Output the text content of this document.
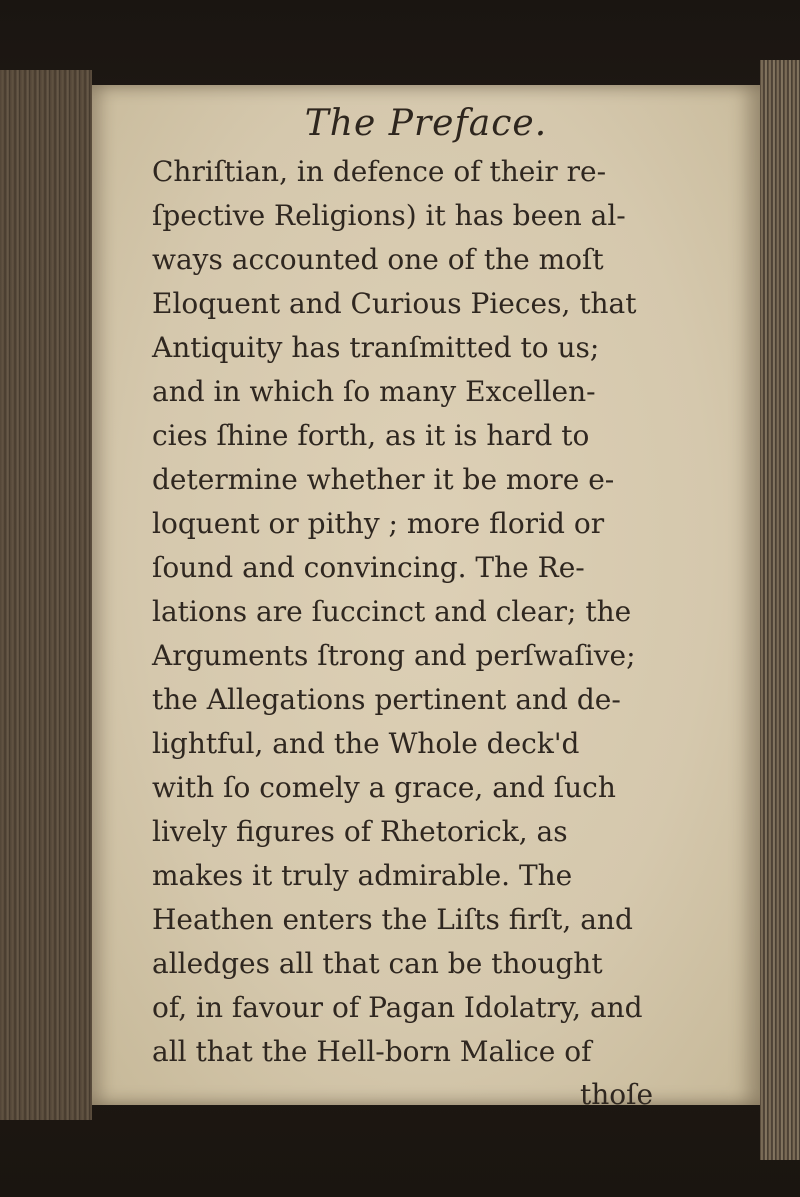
The Preface.
Chriſtian, in defence of their re-
ſpective Religions) it has been al-
ways accounted one of the moſt
Eloquent and Curious Pieces, that
Antiquity has tranſmitted to us;
and in which ſo many Excellen-
cies ſhine forth, as it is hard to
determine whether it be more e-
loquent or pithy ; more florid or
ſound and convincing. The Re-
lations are ſuccinct and clear; the
Arguments ſtrong and perſwaſive;
the Allegations pertinent and de-
lightful, and the Whole deck'd
with ſo comely a grace, and ſuch
lively figures of Rhetorick, as
makes it truly admirable. The
Heathen enters the Liſts firſt, and
alledges all that can be thought
of, in favour of Pagan Idolatry, and
all that the Hell-born Malice of
thoſe
